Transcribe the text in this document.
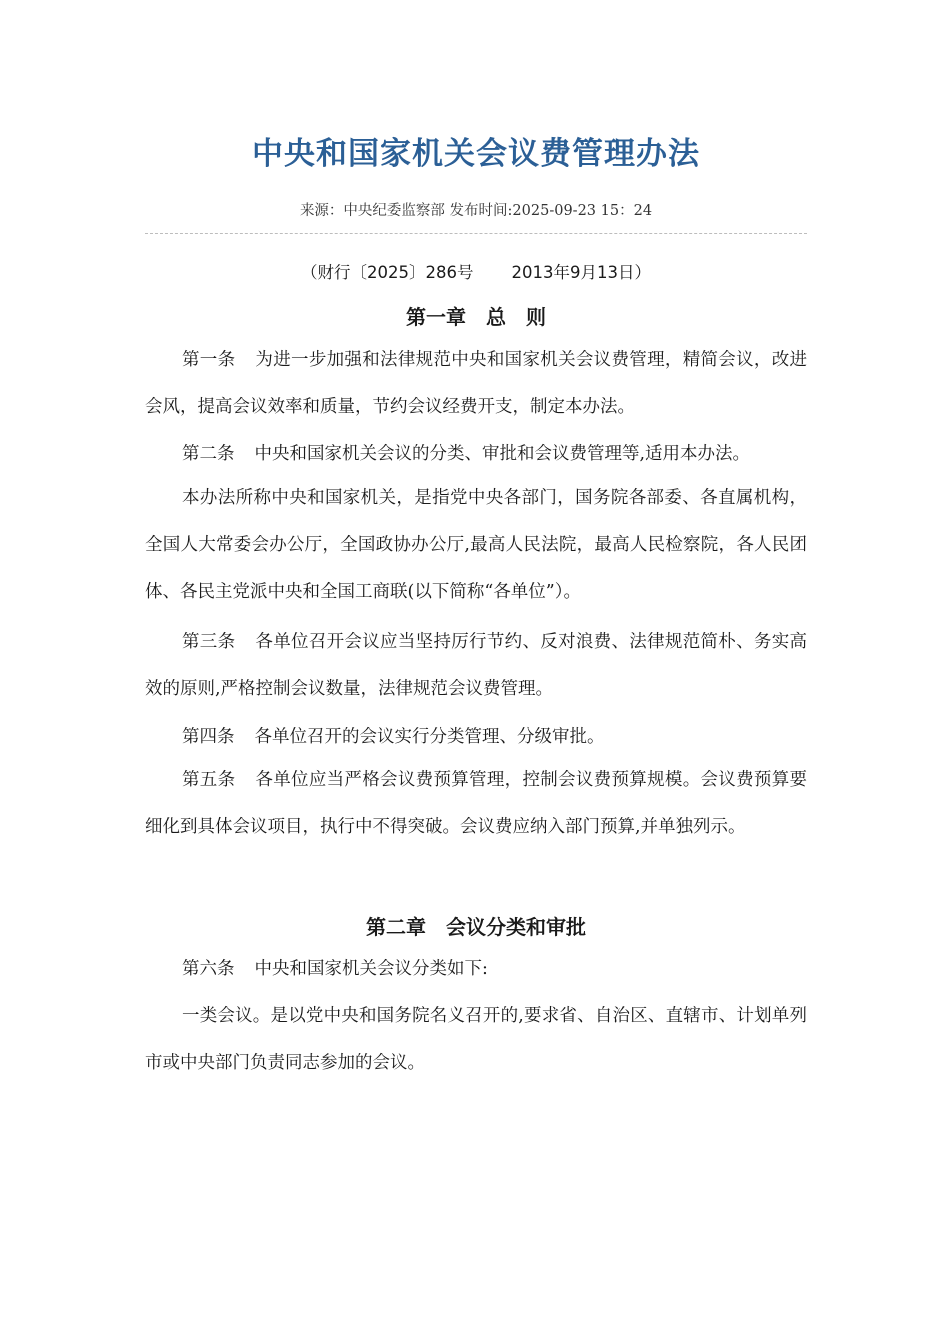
中央和国家机关会议费管理办法
来源：中央纪委监察部 发布时间:2025-09-23 15：24
（财行〔2025〕286号 2013年9月13日）
第一章　总　则

第一条 为进一步加强和法律规范中央和国家机关会议费管理，精简会议，改进会风，提高会议效率和质量，节约会议经费开支，制定本办法。

第二条 中央和国家机关会议的分类、审批和会议费管理等,适用本办法。

本办法所称中央和国家机关，是指党中央各部门，国务院各部委、各直属机构，全国人大常委会办公厅，全国政协办公厅,最高人民法院，最高人民检察院，各人民团体、各民主党派中央和全国工商联(以下简称“各单位”）。

第三条 各单位召开会议应当坚持厉行节约、反对浪费、法律规范简朴、务实高效的原则,严格控制会议数量，法律规范会议费管理。

第四条 各单位召开的会议实行分类管理、分级审批。

第五条 各单位应当严格会议费预算管理，控制会议费预算规模。会议费预算要细化到具体会议项目，执行中不得突破。会议费应纳入部门预算,并单独列示。

第二章　会议分类和审批

第六条 中央和国家机关会议分类如下:

一类会议。是以党中央和国务院名义召开的,要求省、自治区、直辖市、计划单列市或中央部门负责同志参加的会议。
